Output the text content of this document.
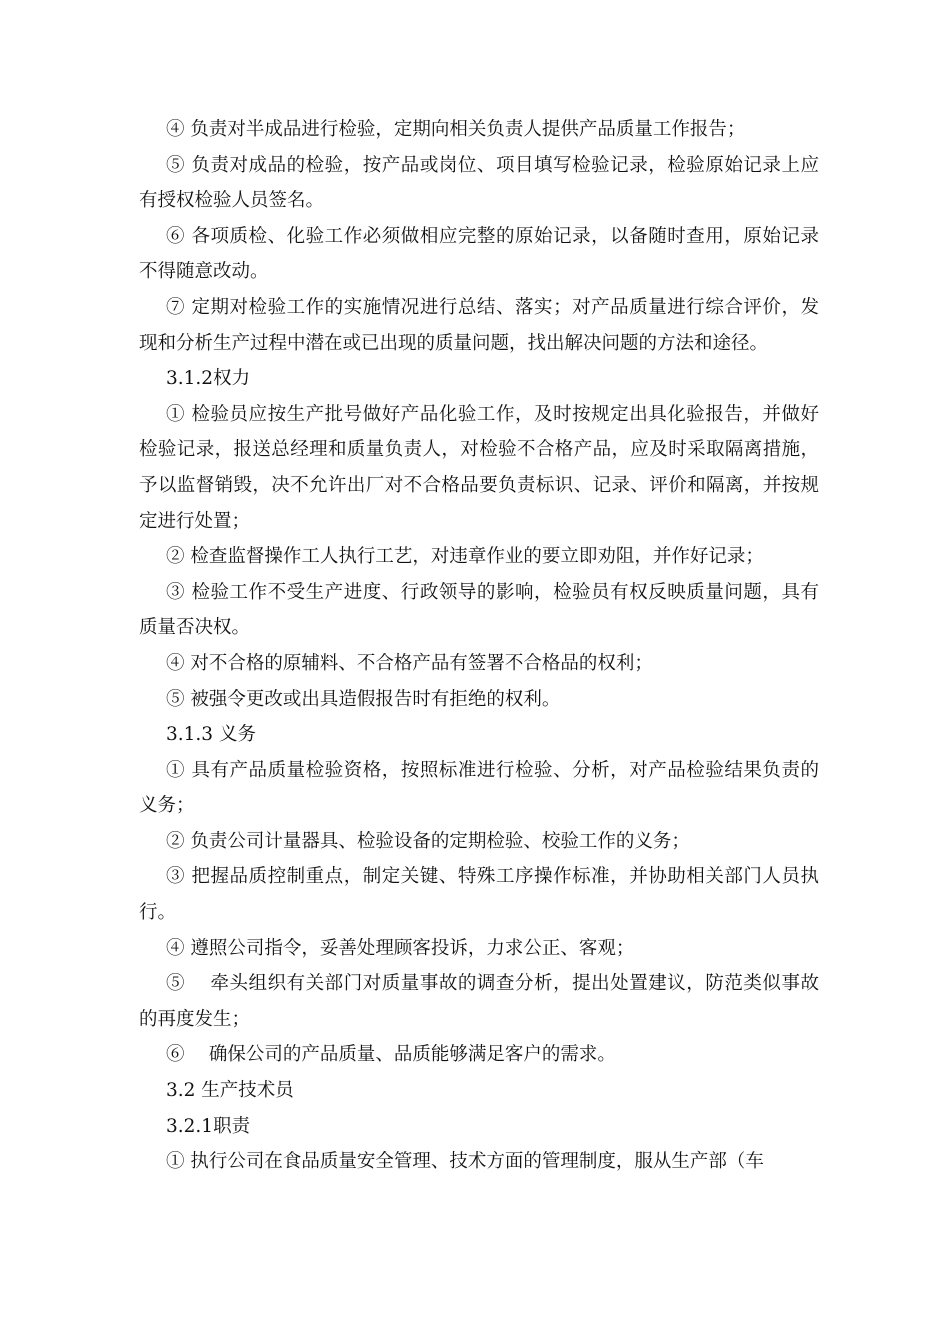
④ 负责对半成品进行检验，定期向相关负责人提供产品质量工作报告；

⑤ 负责对成品的检验，按产品或岗位、项目填写检验记录，检验原始记录上应有授权检验人员签名。

⑥ 各项质检、化验工作必须做相应完整的原始记录，以备随时查用，原始记录不得随意改动。

⑦ 定期对检验工作的实施情况进行总结、落实；对产品质量进行综合评价，发现和分析生产过程中潜在或已出现的质量问题，找出解决问题的方法和途径。

3.1.2权力

① 检验员应按生产批号做好产品化验工作，及时按规定出具化验报告，并做好检验记录，报送总经理和质量负责人，对检验不合格产品，应及时采取隔离措施，予以监督销毁，决不允许出厂对不合格品要负责标识、记录、评价和隔离，并按规定进行处置；

② 检查监督操作工人执行工艺，对违章作业的要立即劝阻，并作好记录；

③ 检验工作不受生产进度、行政领导的影响，检验员有权反映质量问题，具有质量否决权。

④ 对不合格的原辅料、不合格产品有签署不合格品的权利；

⑤ 被强令更改或出具造假报告时有拒绝的权利。

3.1.3 义务

① 具有产品质量检验资格，按照标准进行检验、分析，对产品检验结果负责的义务；

② 负责公司计量器具、检验设备的定期检验、校验工作的义务；

③ 把握品质控制重点，制定关键、特殊工序操作标准，并协助相关部门人员执行。

④ 遵照公司指令，妥善处理顾客投诉，力求公正、客观；

⑤　 牵头组织有关部门对质量事故的调查分析，提出处置建议，防范类似事故的再度发生；

⑥　 确保公司的产品质量、品质能够满足客户的需求。

3.2 生产技术员

3.2.1职责

① 执行公司在食品质量安全管理、技术方面的管理制度，服从生产部（车
